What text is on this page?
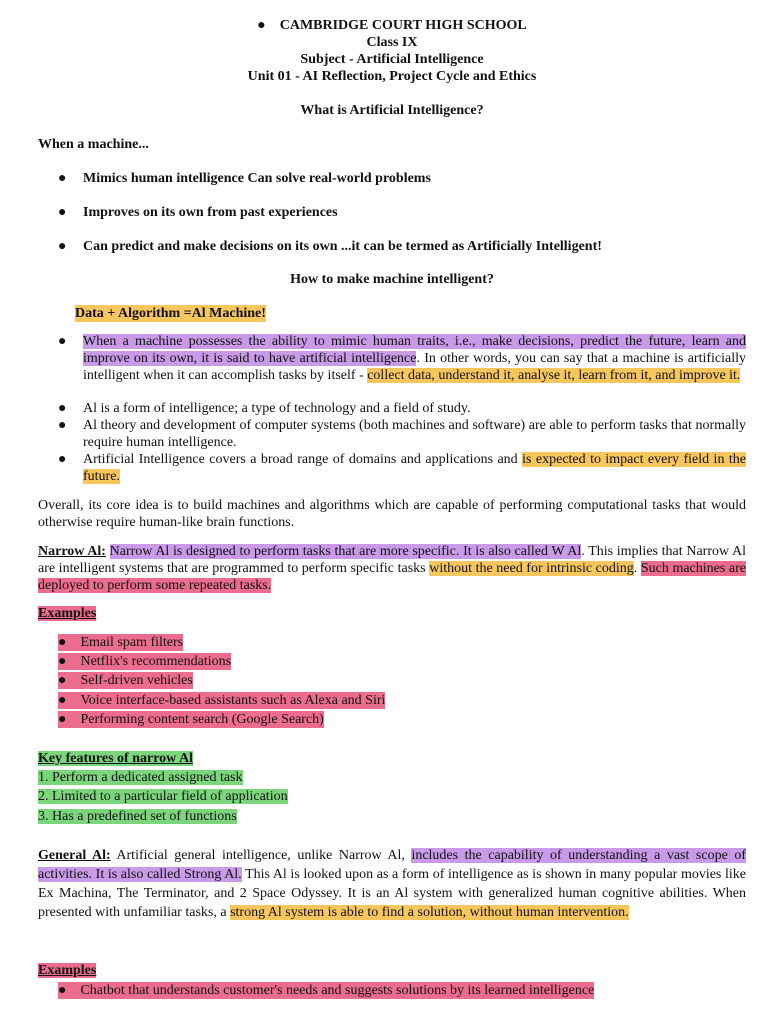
●    CAMBRIDGE COURT HIGH SCHOOL
Class IX
Subject - Artificial Intelligence
Unit 01 - AI Reflection, Project Cycle and Ethics
What is Artificial Intelligence?
When a machine...
● Mimics human intelligence Can solve real-world problems
● Improves on its own from past experiences
● Can predict and make decisions on its own ...it can be termed as Artificially Intelligent!
How to make machine intelligent?
Data + Algorithm =Al Machine!
● When a machine possesses the ability to mimic human traits, i.e., make decisions, predict the future, learn and improve on its own, it is said to have artificial intelligence. In other words, you can say that a machine is artificially intelligent when it can accomplish tasks by itself - collect data, understand it, analyse it, learn from it, and improve it.
● Al is a form of intelligence; a type of technology and a field of study.
● Al theory and development of computer systems (both machines and software) are able to perform tasks that normally require human intelligence.
● Artificial Intelligence covers a broad range of domains and applications and is expected to impact every field in the future.
Overall, its core idea is to build machines and algorithms which are capable of performing computational tasks that would otherwise require human-like brain functions.
Narrow Al: Narrow Al is designed to perform tasks that are more specific. It is also called W Al. This implies that Narrow Al are intelligent systems that are programmed to perform specific tasks without the need for intrinsic coding. Such machines are deployed to perform some repeated tasks.
Examples
●    Email spam filters
●    Netflix's recommendations
●    Self-driven vehicles
●    Voice interface-based assistants such as Alexa and Siri
●    Performing content search (Google Search)
Key features of narrow Al
1. Perform a dedicated assigned task
2. Limited to a particular field of application
3. Has a predefined set of functions
General Al: Artificial general intelligence, unlike Narrow Al, includes the capability of understanding a vast scope of activities. It is also called Strong Al. This Al is looked upon as a form of intelligence as is shown in many popular movies like Ex Machina, The Terminator, and 2 Space Odyssey. It is an Al system with generalized human cognitive abilities. When presented with unfamiliar tasks, a strong Al system is able to find a solution, without human intervention.
Examples
●    Chatbot that understands customer's needs and suggests solutions by its learned intelligence
